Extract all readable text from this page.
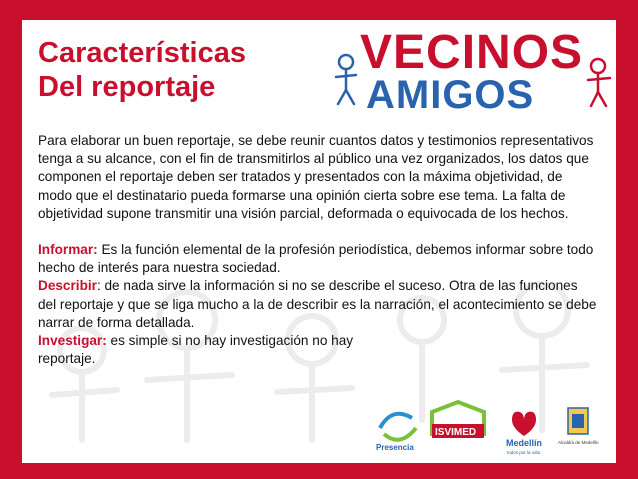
Características
Del reportaje
VECINOS
AMIGOS

Para elaborar un buen reportaje, se debe reunir cuantos datos y testimonios representativos tenga a su alcance, con el fin de transmitirlos al público una vez organizados, los datos que componen el reportaje deben ser tratados y presentados con la máxima objetividad, de modo que el destinatario pueda formarse una opinión cierta sobre ese tema. La falta de objetividad supone transmitir una visión parcial, deformada o equivocada de los hechos.

Informar: Es la función elemental de la profesión periodística, debemos informar sobre todo hecho de interés para nuestra sociedad.

Describir: de nada sirve la información si no se describe el suceso. Otra de las funciones del reportaje y que se liga mucho a la de describir es la narración, el acontecimiento se debe narrar de forma detallada.

Investigar: es simple si no hay investigación no hay reportaje.

Presencia
ISVIMED
Medellín
todos por la vida
Alcaldía de Medellín
